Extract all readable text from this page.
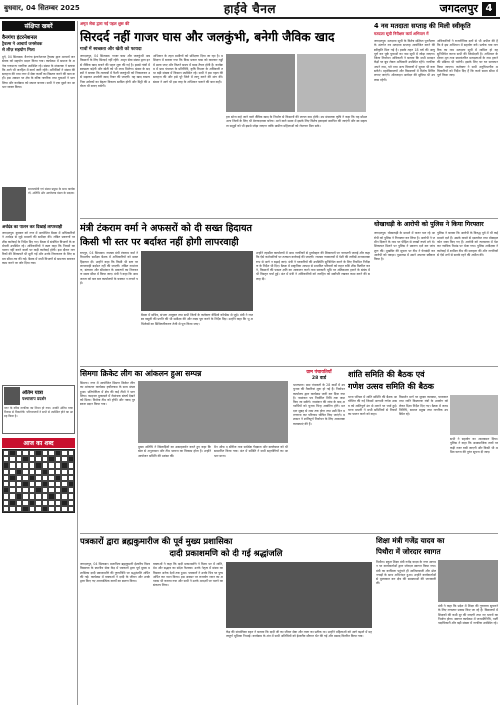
बुधवार, 04 सितम्बर 2025	हाईवे चैनल	जगदलपुर 4
संक्षिप्त खबरें
वैनगंगा इंटरनेशनल
ट्रैवल्स ने आचार्य जनसेवक
से लीज़ सहयोग मिला
दुर्ग, 04 सितम्बर। वैनगंगा इंटरनेशनल ट्रैवल्स द्वारा आचार्य जनसेवक को सहयोग प्रदान किया गया। कार्यक्रम में समाज के अनेक गणमान्य नागरिक उपस्थित रहे। संस्था के संचालक ने बताया कि आगे भी जनहित में कार्य जारी रहेंगे। अतिथियों ने संस्था की सराहना की तथा नगर में सेवा कार्यों का विस्तार करने की बात कही। इस अवसर पर क्षेत्र के वरिष्ठ नागरिक तथा युवाओं ने भाग लिया और कार्यक्रम को सफल बनाया। सभी ने एक दूसरे का आभार व्यक्त किया।
समाजसेवी एवं संस्था प्रमुख के साथ कार्यकर्ता, अतिथि और आयोजक मंडल के सदस्य।
अर्थदंड का पालन कर दिखाई लापरवाही
जगदलपुर। बुधवार को नगर में आयोजित बैठक में अधिकारियों ने अर्थदंड से जुड़े मामलों की समीक्षा की। लंबित प्रकरणों पर शीघ्र कार्रवाई के निर्देश दिए गए। बैठक में संबंधित विभागों के कर्मचारी उपस्थित रहे। अधिकारियों ने स्पष्ट कहा कि नियमों का पालन नहीं करने वालों पर कड़ी कार्रवाई होगी। इस दौरान नागरिकों की शिकायतें भी सुनी गईं और उनके निराकरण के लिए समय सीमा तय की गई। बैठक में सभी विभागों से समन्वय बनाकर काम करने पर जोर दिया गया।
अंतिम यात्रा
पश्चात्ताप प्रदर्शन
नगर के वरिष्ठ नागरिक का निधन हो गया। उनकी अंतिम यात्रा निवास से निकलेगी। परिवारजनों ने सभी से उपस्थित होने का आग्रह किया है।
आज का शब्द
अमृत सेवा द्वारा नई पहल शुरू की
सिरदर्द नहीं गाजर घास और जलकुंभी, बनेगी जैविक खाद
गावों में स्वच्छता और खेती को फायदा
जगदलपुर, 04 सितम्बर। गाजर घास और जलकुंभी अब किसानों के लिए सिरदर्द नहीं रहेंगे। अमृत सेवा संस्था द्वारा इनसे जैविक खाद बनाने की पहल शुरू की गई है। इससे गांवों में स्वच्छता बढ़ेगी और खेती को भी लाभ मिलेगा। संस्था के सदस्यों ने बताया कि तालाबों में फैली जलकुंभी को निकालकर उसे सड़ाकर उपयोगी खाद तैयार की जाएगी। यह खाद रासायनिक उर्वरकों का बेहतर विकल्प साबित होगी और मिट्टी की उर्वरता भी बनाए रखेगी।
अभियान के तहत ग्रामीणों को प्रशिक्षण दिया जा रहा है। प्रशिक्षण में बताया गया कि किस प्रकार घास को काटकर गड्ढों में डाला जाए और कितने समय में खाद तैयार होती है। कार्यक्रम में ग्राम पंचायत के प्रतिनिधि, कृषि विभाग के अधिकारी तथा बड़ी संख्या में किसान उपस्थित रहे। सभी ने इस पहल की सराहना की और इसे पूरे जिले में लागू करने की मांग की। संस्था ने आगे भी इस तरह के अभियान चलाने की बात कही।
हरा सोना कहे जाने वाले जैविक खाद के निर्माण से किसानों की लागत कम होगी। उप संचालक कृषि ने कहा कि यह मॉडल अन्य जिलों के लिए भी प्रेरणादायक बनेगा। आने वाले समय में इसके लिए विशेष इकाइयां स्थापित की जाएंगी और स्व सहायता समूहों को भी इससे जोड़ा जाएगा ताकि ग्रामीण महिलाओं को रोजगार मिल सके।
4 नव मतदाता सप्ताह की मिली स्वीकृति
मतदाता सूची निरीक्षण कार्य अभियान में
जगदलपुर। मतदाता सूची के विशेष संक्षिप्त पुनरीक्षण के अंतर्गत नव मतदाता सप्ताह आयोजित करने की स्वीकृति मिल गई है। इसके तहत 18 वर्ष की आयु पूर्ण कर चुके युवाओं का नाम सूची में जोड़ा जाएगा। जिला निर्वाचन अधिकारी ने बताया कि सभी मतदान केंद्रों पर बूथ लेवल अधिकारी उपस्थित रहेंगे। नागरिक अपने नाम, पते तथा अन्य विवरणों में सुधार भी करा सकेंगे। महाविद्यालयों और विद्यालयों में विशेष शिविर लगाए जाएंगे। ऑनलाइन आवेदन की सुविधा भी उपलब्ध रहेगी।
अधिकारियों ने राजनीतिक दलों से भी अपील की है कि वे इस अभियान में सहयोग करें। प्रत्येक पात्र नागरिक का नाम मतदाता सूची में शामिल हो यह सुनिश्चित करना सभी की जिम्मेदारी है। अभियान के दौरान मृत तथा स्थानांतरित मतदाताओं के नाम हटाने की प्रक्रिया भी चलेगी। इसके लिए घर घर सत्यापन किया जाएगा। कलेक्टर ने सभी अनुविभागीय अधिकारियों को निर्देश दिए हैं कि कार्य समय सीमा में पूर्ण किया जाए।
मंत्री टंकराम वर्मा ने अफसरों को दी सख्त हिदायत
किसी भी स्तर पर बर्दाश्त नहीं होगी लापरवाही
रायपुर, 04 सितम्बर। राजस्व मंत्री टंकराम वर्मा ने विभागीय समीक्षा बैठक में अधिकारियों को सख्त हिदायत दी। उन्होंने कहा कि किसी भी स्तर पर लापरवाही बर्दाश्त नहीं की जाएगी। लंबित नामांतरण, बंटवारा और सीमांकन के प्रकरणों का निराकरण समय सीमा में किया जाए। मंत्री ने कहा कि आम जनता को बार बार कार्यालयों के चक्कर न लगाने पड़ें।
बैठक में सचिव, संभाग आयुक्त तथा सभी जिलों के कलेक्टर वीडियो कॉन्फ्रेंस से जुड़े। मंत्री ने राजस्व वसूली की प्रगति की भी समीक्षा की और लक्ष्य पूरा करने के निर्देश दिए। उन्होंने कहा कि भू अभिलेखों का डिजिटलीकरण तेजी से पूरा किया जाए।
उन्होंने तहसील कार्यालयों में आम नागरिकों से दुर्व्यवहार की शिकायतों पर नाराजगी जताई और कहा कि ऐसे कर्मचारियों पर तत्काल कार्रवाई की जाएगी। राजस्व न्यायालयों में पेशी की तारीखें अनावश्यक रूप से आगे न बढ़ाई जाएं। मंत्री ने पटवारियों की उपस्थिति सुनिश्चित करने के लिए नियमित निरीक्षण के निर्देश भी दिए। बैठक में प्राकृतिक आपदा से प्रभावित परिवारों को राहत राशि शीघ्र वितरित करने, किसानों की फसल क्षति का आकलन करने तथा सरकारी भूमि पर अतिक्रमण हटाने के संबंध में भी विस्तृत चर्चा हुई। अंत में मंत्री ने अधिकारियों को जनहित को सर्वोपरि रखकर काम करने की सलाह दी।
धोखाधड़ी के आरोपी को पुलिस ने किया गिरफ्तार
जगदलपुर। धोखाधड़ी के मामले में फरार चल रहे आरोपी को पुलिस ने गिरफ्तार कर लिया है। आरोपी ने जमीन दिलाने के नाम पर पीड़ित से लाखों रुपये ठगे थे। शिकायत मिलने पर पुलिस ने प्रकरण दर्ज कर जांच शुरू की। मुखबिर की सूचना पर टीम ने घेराबंदी कर आरोपी को पकड़ा। पूछताछ में उसने अपराध स्वीकार किया है।
पुलिस ने बताया कि आरोपी के विरुद्ध पूर्व में भी कई मामले दर्ज हैं। उसके कब्जे से दस्तावेज तथा मोबाइल फोन जब्त किए गए हैं। आरोपी को न्यायालय में पेश कर न्यायिक रिमांड पर भेजा गया। पुलिस अधीक्षक ने कार्रवाई में शामिल टीम की सराहना की और नागरिकों से ऐसे ठगों से सतर्क रहने की अपील की।
सिमगा क्रिकेट लीग का आंकलन हुआ सम्पन्न
सिमगा। नगर में आयोजित सिमगा क्रिकेट लीग का आंकलन कार्यक्रम हर्षोल्लास के साथ संपन्न हुआ। प्रतियोगिता में क्षेत्र की कई टीमों ने भाग लिया। फाइनल मुकाबले में रोमांचक संघर्ष देखने को मिला। विजेता टीम को ट्रॉफी और नकद पुरस्कार प्रदान किया गया।
मुख्य अतिथि ने खिलाड़ियों का उत्साहवर्धन करते हुए कहा कि खेल से अनुशासन और टीम भावना का विकास होता है। उन्होंने आयोजन समिति की प्रशंसा की।
मैन ऑफ द सीरीज तथा सर्वश्रेष्ठ गेंदबाज और बल्लेबाज को भी सम्मानित किया गया। अंत में समिति ने सभी सहयोगियों का आभार माना।
ग्राम पंचायतियाँ
28 वार्ड
भाटापारा। ग्राम पंचायतों के 28 वार्डों में उपचुनाव की तैयारियां शुरू हो गई हैं। निर्वाचन कार्यालय द्वारा कार्यक्रम जारी कर दिया गया है। नामांकन पत्र निर्धारित तिथि तक जमा किए जा सकेंगे। नामांकन की जांच के बाद अभ्यर्थियों को चुनाव चिन्ह आवंटित होंगे। मतदान सुबह से शाम तक होगा तथा उसी दिन मतगणना कर परिणाम घोषित किए जाएंगे। प्रशासन ने शांतिपूर्ण निर्वाचन के लिए आवश्यक व्यवस्थाएं की हैं।
शांति समिति की बैठक एवं
गणेश उत्सव समिति की बैठक
थाना परिसर में शांति समिति की बैठक आयोजित की गई जिसमें आगामी गणेश उत्सव को शांतिपूर्ण ढंग से मनाने पर चर्चा हुई। थाना प्रभारी ने सभी समितियों से नियमों का पालन करने को कहा।
विसर्जन मार्ग पर सुरक्षा व्यवस्था, यातायात तथा ध्वनि विस्तारक यंत्रों के उपयोग को लेकर दिशा निर्देश दिए गए। बैठक में जनप्रतिनिधि, समाज प्रमुख तथा नागरिक उपस्थित रहे।
सभी ने सहयोग का आश्वासन दिया। पुलिस ने कहा कि असामाजिक तत्वों पर कड़ी नजर रखी जाएगी और किसी भी अप्रिय घटना की तुरंत सूचना दी जाए।
पत्रकारों द्वारा ब्रह्मकुमारीज की पूर्व मुख्य प्रशासिका
दादी प्रकाशमणि को दी गई श्रद्धांजलि
जगदलपुर, 04 सितम्बर। प्रजापिता ब्रह्मकुमारी ईश्वरीय विश्वविद्यालय के स्थानीय सेवा केंद्र में पत्रकारों द्वारा पूर्व मुख्य प्रशासिका दादी प्रकाशमणि की पुण्यतिथि पर श्रद्धांजलि अर्पित की गई। कार्यक्रम में वक्ताओं ने दादी के जीवन और उनके द्वारा किए गए आध्यात्मिक कार्यों का स्मरण किया।
वक्ताओं ने कहा कि दादी प्रकाशमणि ने विश्व भर में शांति, प्रेम और सद्भाव का संदेश फैलाया। उनके नेतृत्व में संस्था का विस्तार अनेक देशों तक हुआ। पत्रकारों ने उनके चित्र पर पुष्प अर्पित कर नमन किया। इस अवसर पर राजयोग ध्यान का अभ्यास भी कराया गया और सभी ने उनके आदर्शों पर चलने का संकल्प लिया।
केंद्र की संचालिका बहन ने बताया कि दादी जी का जीवन सेवा और त्याग का प्रतीक था। उन्होंने महिलाओं को आगे बढ़ाने में महत्वपूर्ण भूमिका निभाई। कार्यक्रम के अंत में सभी अतिथियों को ईश्वरीय सौगात भेंट की गई और प्रसाद वितरित किया गया।
शिक्षा मंत्री गजेंद्र यादव का
पिथौरा में जोरदार स्वागत
पिथौरा। स्कूल शिक्षा मंत्री गजेंद्र यादव के नगर आगमन पर कार्यकर्ताओं द्वारा जोरदार स्वागत किया गया। मंत्री का काफिला पहुंचते ही आतिशबाजी और ढोल नगाड़ों के साथ अभिनंदन हुआ। उन्होंने कार्यकर्ताओं से मुलाकात कर क्षेत्र की समस्याओं की जानकारी ली।
मंत्री ने कहा कि प्रदेश में शिक्षा की गुणवत्ता सुधारने के लिए लगातार प्रयास किए जा रहे हैं। विद्यालयों में शिक्षकों की कमी दूर की जाएगी तथा नए भवनों का निर्माण होगा। स्वागत कार्यक्रम में जनप्रतिनिधि, पार्टी पदाधिकारी और बड़ी संख्या में नागरिक उपस्थित रहे।
